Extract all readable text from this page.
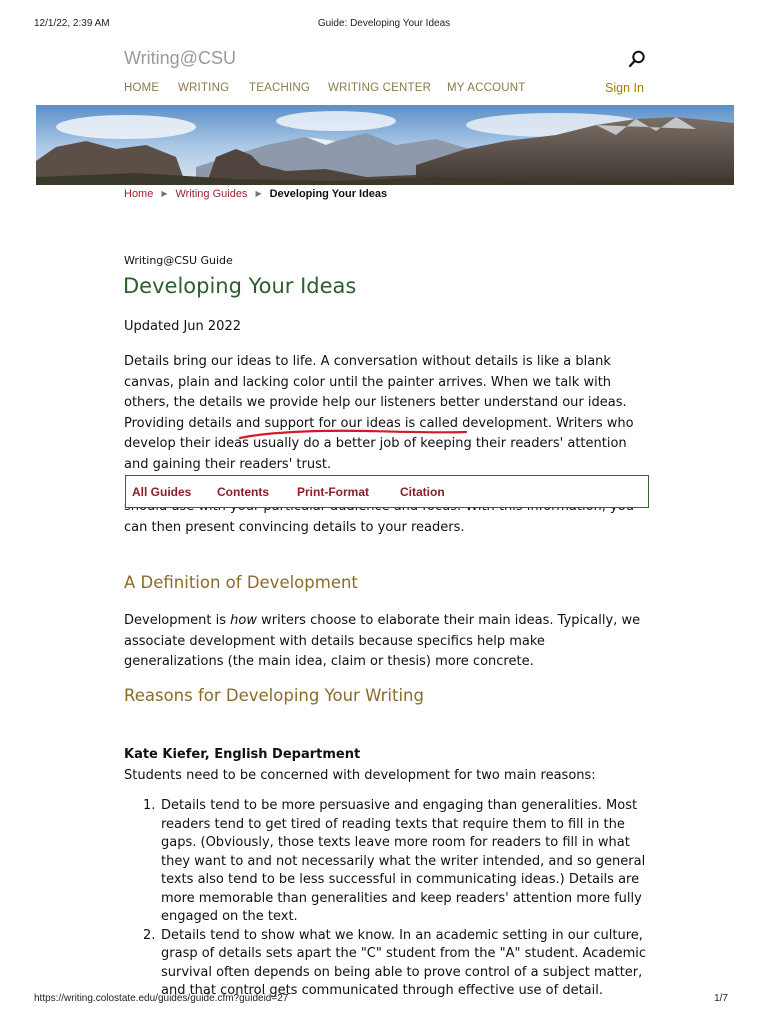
12/1/22, 2:39 AM	Guide: Developing Your Ideas
Writing@CSU
HOME WRITING TEACHING WRITING CENTER MY ACCOUNT	Sign In
Home ▶ Writing Guides ▶ Developing Your Ideas
Writing@CSU Guide
Developing Your Ideas
Updated Jun 2022

Details bring our ideas to life. A conversation without details is like a blank canvas, plain and lacking color until the painter arrives. When we talk with others, the details we provide help our listeners better understand our ideas. Providing details and support for our ideas is called development. Writers who develop their ideas usually do a better job of keeping their readers' attention and gaining their readers' trust.

can then present convincing details to your readers.

All Guides Contents Print-Format	Citation
A Definition of Development

Development is how writers choose to elaborate their main ideas. Typically, we associate development with details because specifics help make generalizations (the main idea, claim or thesis) more concrete.

Reasons for Developing Your Writing

Kate Kiefer, English Department
Students need to be concerned with development for two main reasons:

1. Details tend to be more persuasive and engaging than generalities. Most readers tend to get tired of reading texts that require them to fill in the gaps. (Obviously, those texts leave more room for readers to fill in what they want to and not necessarily what the writer intended, and so general texts also tend to be less successful in communicating ideas.) Details are more memorable than generalities and keep readers' attention more fully engaged on the text.
2. Details tend to show what we know. In an academic setting in our culture, grasp of details sets apart the "C" student from the "A" student. Academic survival often depends on being able to prove control of a subject matter, and that control gets communicated through effective use of detail.
https://writing.colostate.edu/guides/guide.cfm?guideid=27	1/7
